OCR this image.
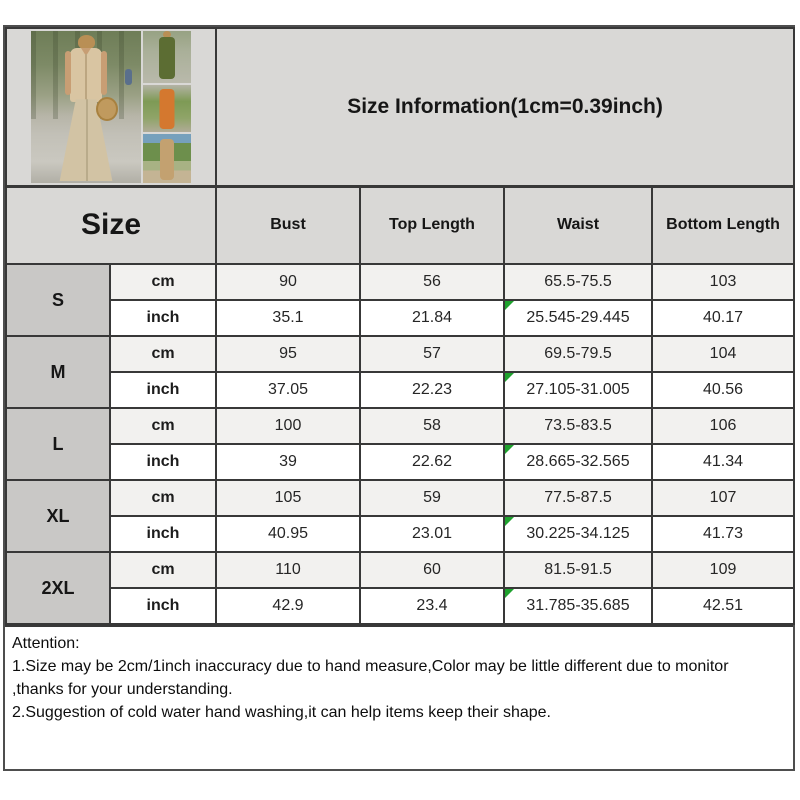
		Size Information(1cm=0.39inch)			
Size		Bust	Top Length	Waist	Bottom Length
S	cm	90	56	65.5-75.5	103
	inch	35.1	21.84	25.545-29.445	40.17
M	cm	95	57	69.5-79.5	104
	inch	37.05	22.23	27.105-31.005	40.56
L	cm	100	58	73.5-83.5	106
	inch	39	22.62	28.665-32.565	41.34
XL	cm	105	59	77.5-87.5	107
	inch	40.95	23.01	30.225-34.125	41.73
2XL	cm	110	60	81.5-91.5	109
	inch	42.9	23.4	31.785-35.685	42.51
Attention:
1.Size may be 2cm/1inch inaccuracy due to hand measure,Color may be little different due to monitor
,thanks for your understanding.
2.Suggestion of cold water hand washing,it can help items keep their shape.
